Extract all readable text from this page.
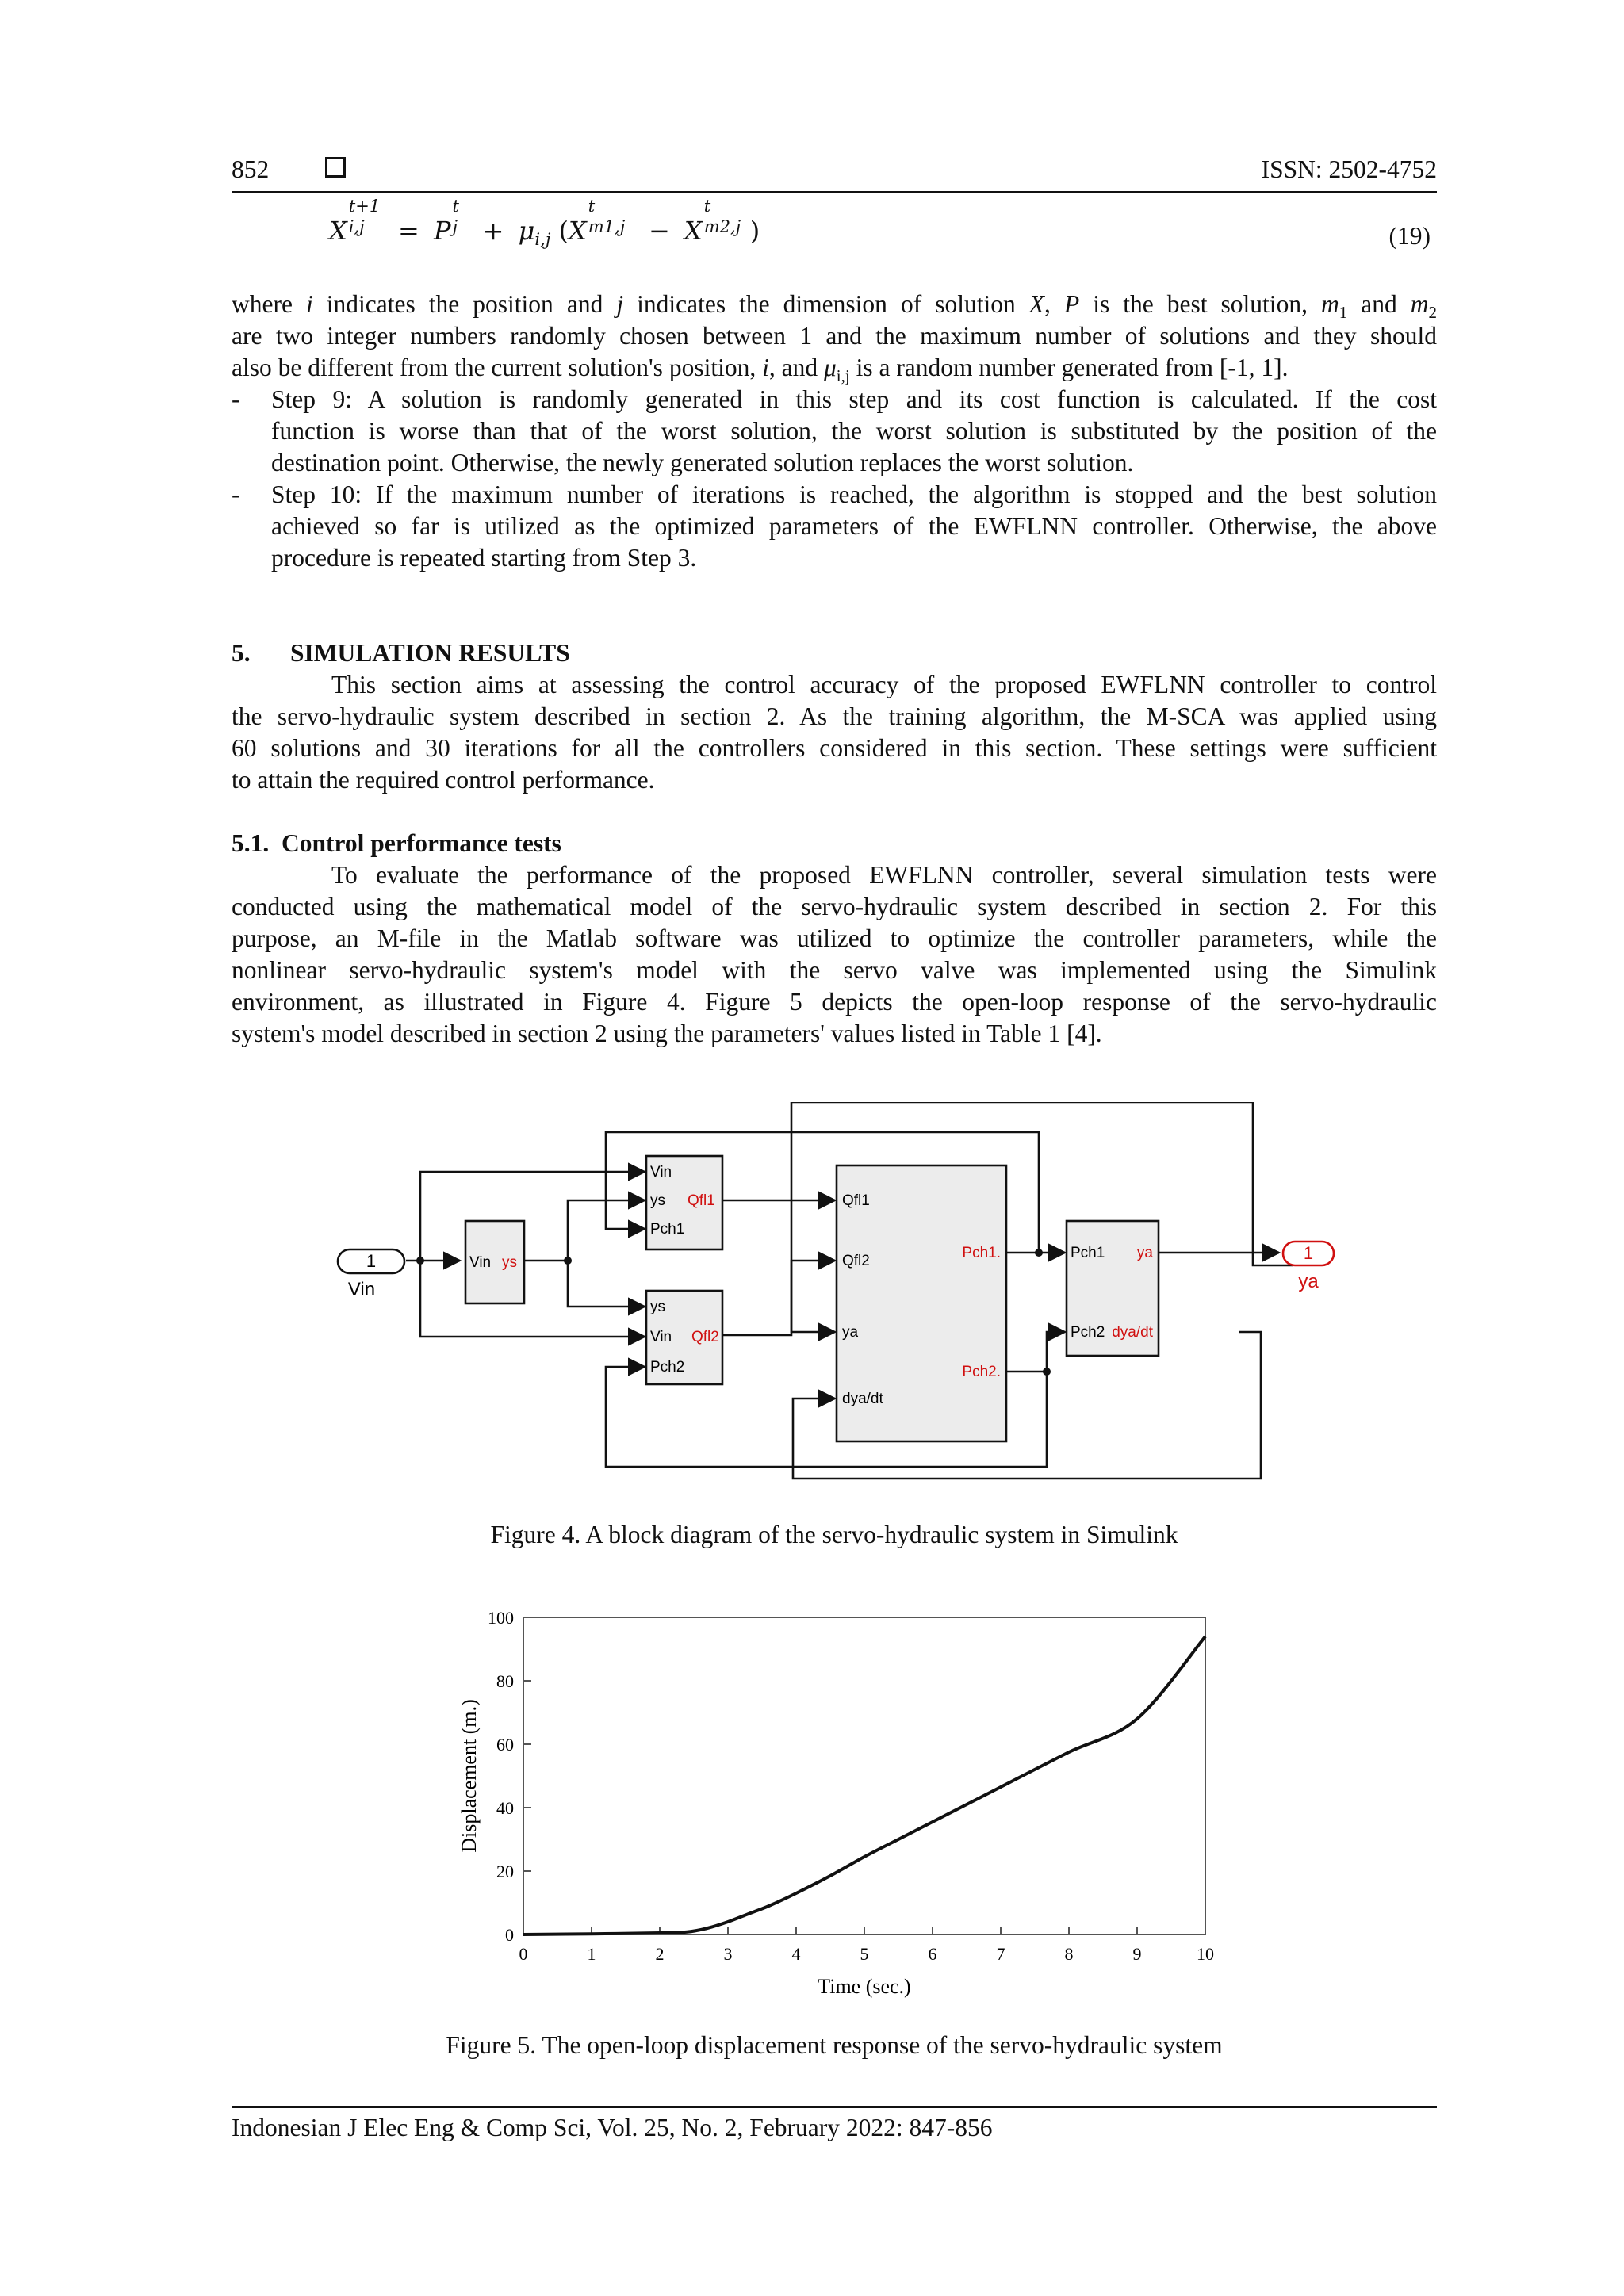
852	ISSN: 2502-4752
X
t+1
i,j = P
t
$j + \mu_{i,j}$ (X
t
m1,j − X
t
m2,j )	(19)
where i indicates the position and j indicates the dimension of solution X, P is the best solution, $m_1$ and $m_2$
are two integer numbers randomly chosen between 1 and the maximum number of solutions and they should
also be different from the current solution's position, i, and $\mu_{i,j}$ is a random number generated from [-1, 1].
- Step 9: A solution is randomly generated in this step and its cost function is calculated. If the cost
function is worse than that of the worst solution, the worst solution is substituted by the position of the
destination point. Otherwise, the newly generated solution replaces the worst solution.
- Step 10: If the maximum number of iterations is reached, the algorithm is stopped and the best solution
achieved so far is utilized as the optimized parameters of the EWFLNN controller. Otherwise, the above
procedure is repeated starting from Step 3.
5. SIMULATION RESULTS
This section aims at assessing the control accuracy of the proposed EWFLNN controller to control
the servo-hydraulic system described in section 2. As the training algorithm, the M-SCA was applied using
60 solutions and 30 iterations for all the controllers considered in this section. These settings were sufficient
to attain the required control performance.
5.1.  Control performance tests
To evaluate the performance of the proposed EWFLNN controller, several simulation tests were
conducted using the mathematical model of the servo-hydraulic system described in section 2. For this
purpose, an M-file in the Matlab software was utilized to optimize the controller parameters, while the
nonlinear servo-hydraulic system's model with the servo valve was implemented using the Simulink
environment, as illustrated in Figure 4. Figure 5 depicts the open-loop response of the servo-hydraulic
system's model described in section 2 using the parameters' values listed in Table 1 [4].
1
Vin
Vin ys
Vin
ys
Pch1
Qfl1
ys
Vin
Pch2
Qfl2
Qfl1
Qfl2
ya
dya/dt
Pch1.
Pch2.
Pch1
Pch2
ya
dya/dt
1
ya
Figure 4. A block diagram of the servo-hydraulic system in Simulink
0
20
40
60
80
100
0	1	2	3	4	5	6	7	8	9	10
Displacement (m.)
Time (sec.)
Figure 5. The open-loop displacement response of the servo-hydraulic system
Indonesian J Elec Eng & Comp Sci, Vol. 25, No. 2, February 2022: 847-856
